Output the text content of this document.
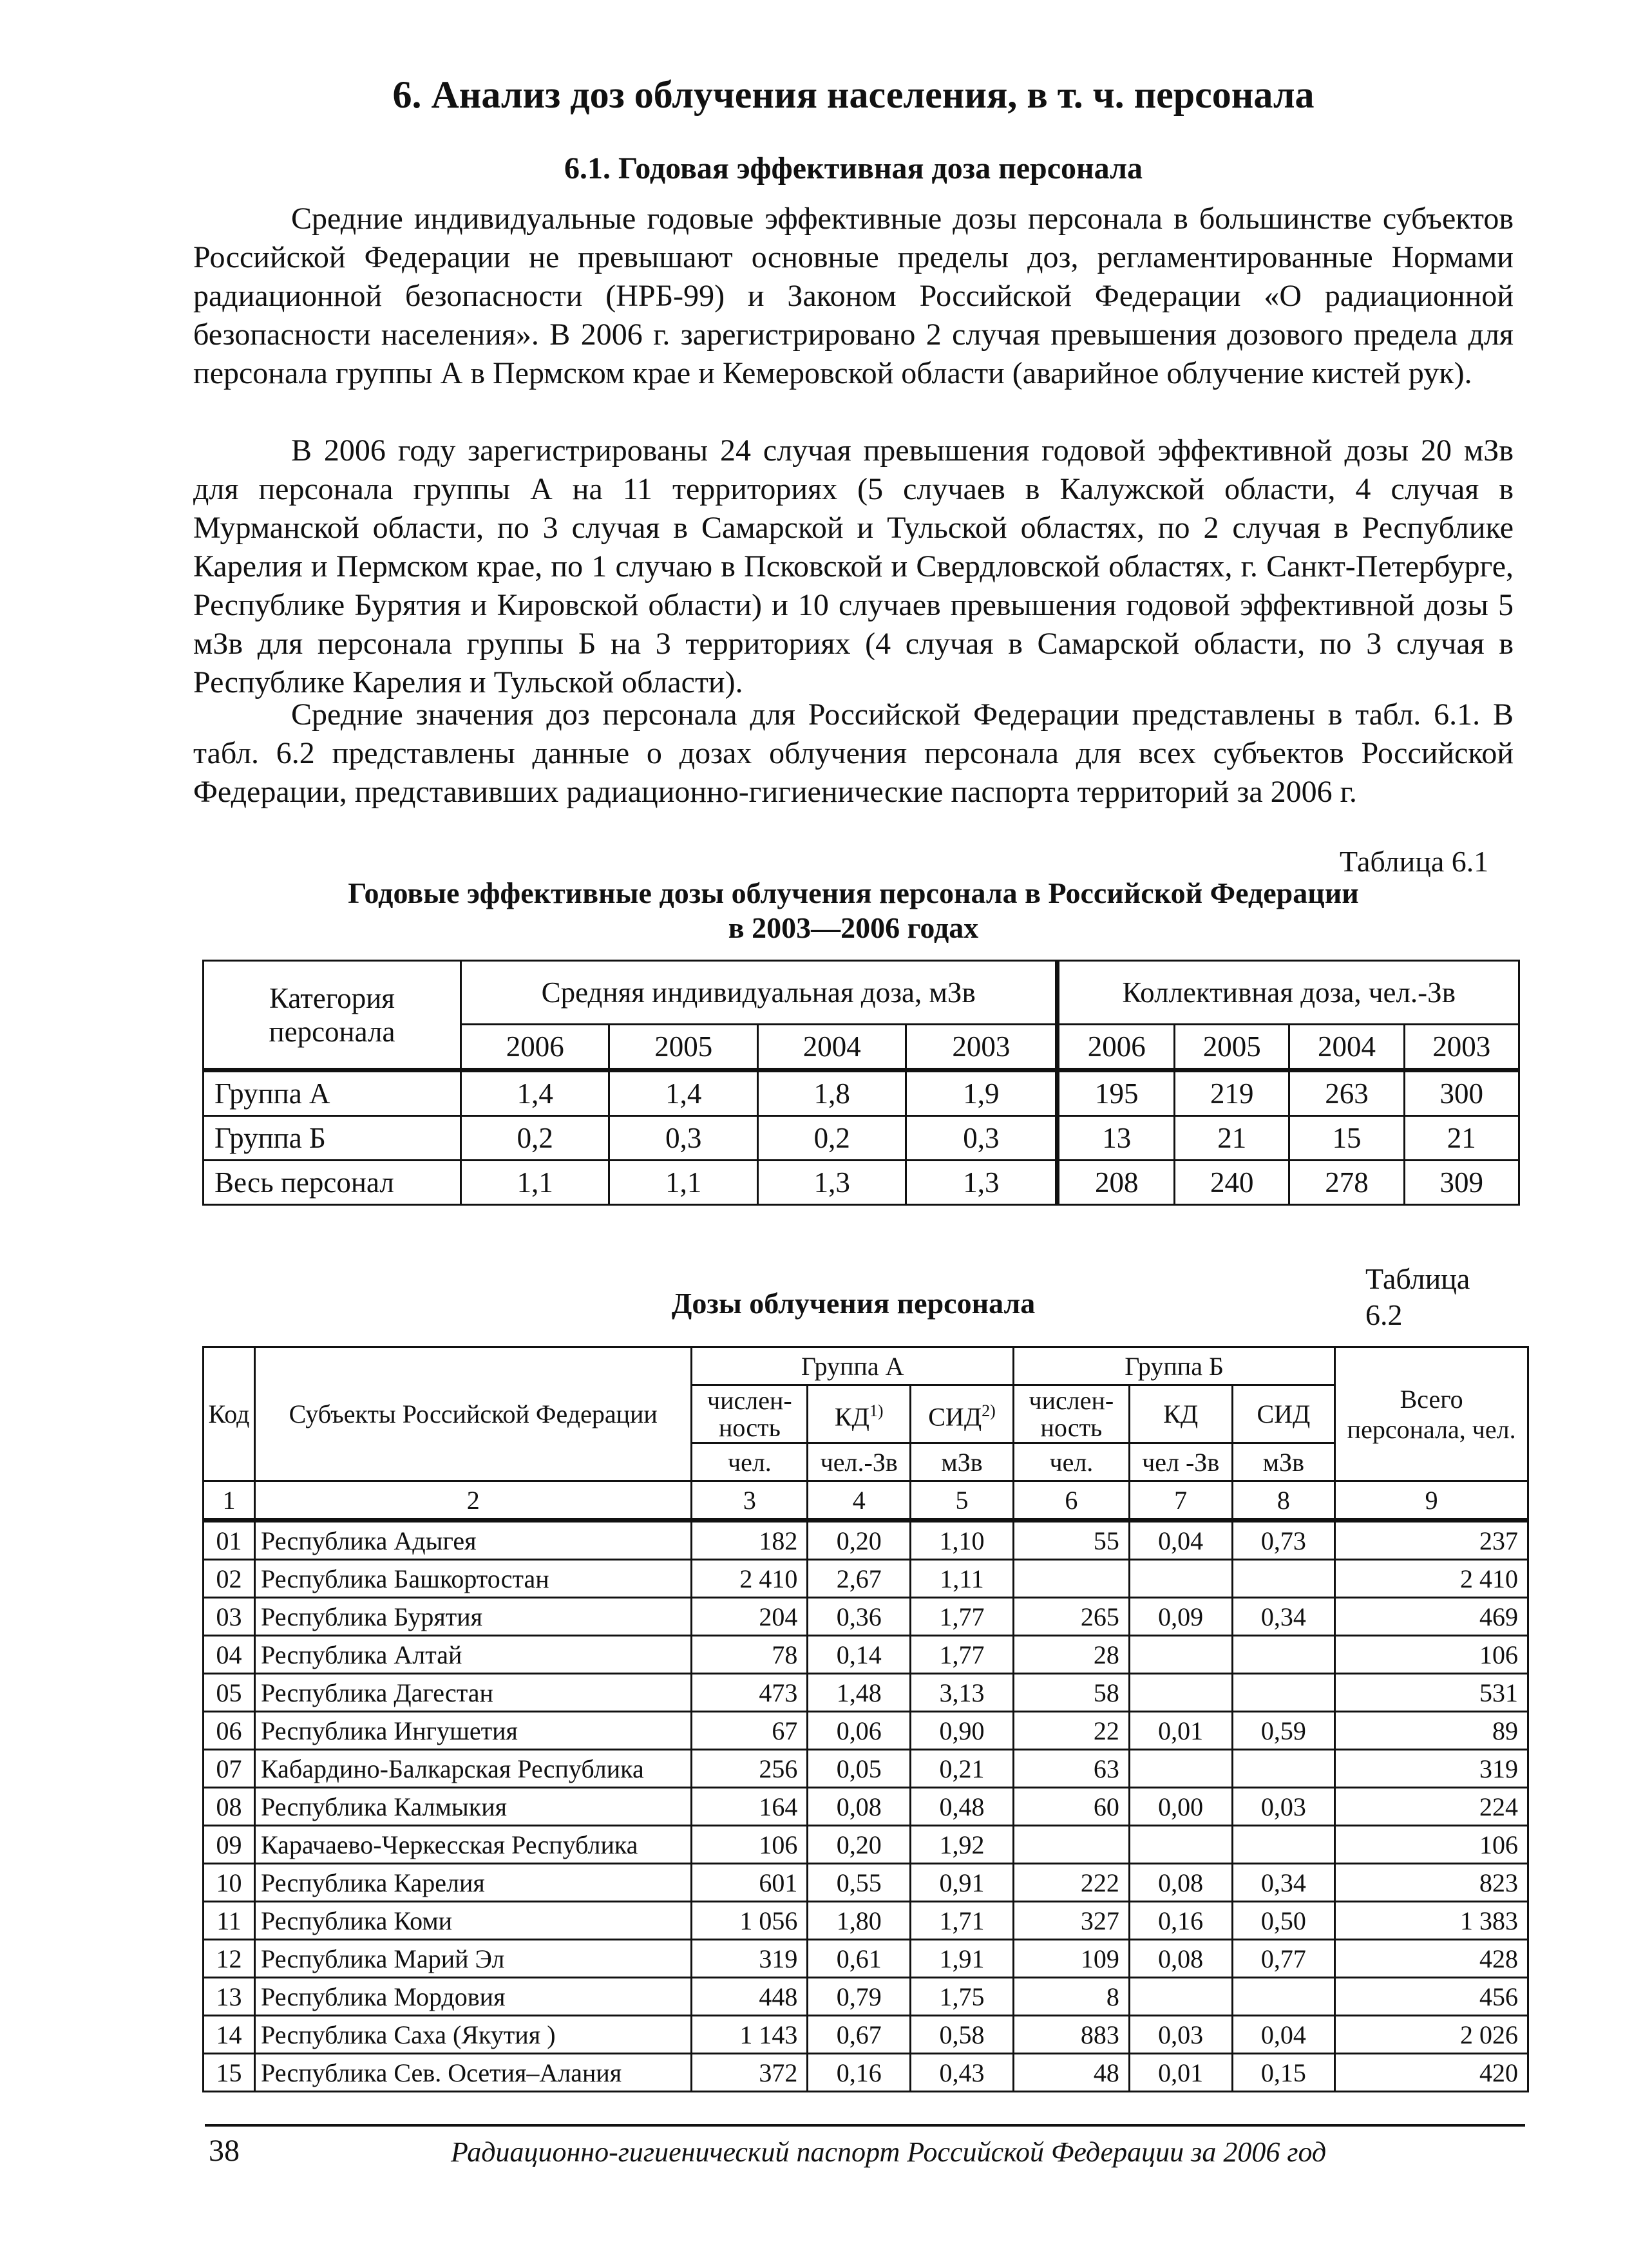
6. Анализ доз облучения населения, в т. ч. персонала
6.1. Годовая эффективная доза персонала

Средние индивидуальные годовые эффективные дозы персонала в большинстве субъектов Российской Федерации не превышают основные пределы доз, регламентированные Нормами радиационной безопасности (НРБ-99) и Законом Российской Федерации «О радиационной безопасности населения». В 2006 г. зарегистрировано 2 случая превышения дозового предела для персонала группы А в Пермском крае и Кемеровской области (аварийное облучение кистей рук).

В 2006 году зарегистрированы 24 случая превышения годовой эффективной дозы 20 мЗв для персонала группы А на 11 территориях (5 случаев в Калужской области, 4 случая в Мурманской области, по 3 случая в Самарской и Тульской областях, по 2 случая в Республике Карелия и Пермском крае, по 1 случаю в Псковской и Свердловской областях, г. Санкт-Петербурге, Республике Бурятия и Кировской области) и 10 случаев превышения годовой эффективной дозы 5 мЗв для персонала группы Б на 3 территориях (4 случая в Самарской области, по 3 случая в Республике Карелия и Тульской области).

Средние значения доз персонала для Российской Федерации представлены в табл. 6.1. В табл. 6.2 представлены данные о дозах облучения персонала для всех субъектов Российской Федерации, представивших радиационно-гигиенические паспорта территорий за 2006 г.

Таблица 6.1
Годовые эффективные дозы облучения персонала в Российской Федерации
в 2003—2006 годах
Категория персонала	Средняя индивидуальная доза, мЗв				Коллективная доза, чел.-Зв			
	2006	2005	2004	2003	2006	2005	2004	2003
Группа А	1,4	1,4	1,8	1,9	195	219	263	300
Группа Б	0,2	0,3	0,2	0,3	13	21	15	21
Весь персонал	1,1	1,1	1,3	1,3	208	240	278	309
Таблица 6.2
Дозы облучения персонала
Код	Субъекты Российской Федерации	Группа А			Группа Б			Всего персонала, чел.
		числен-ность	КД$^{1)}$	СИД$^{2)}$	числен-ность	КД	СИД	
		чел.	чел.-Зв	мЗв	чел.	чел -Зв	мЗв	
1	2	3	4	5	6	7	8	9
01	Республика Адыгея	182	0,20	1,10	55	0,04	0,73	237
02	Республика Башкортостан	2 410	2,67	1,11				2 410
03	Республика Бурятия	204	0,36	1,77	265	0,09	0,34	469
04	Республика Алтай	78	0,14	1,77	28			106
05	Республика Дагестан	473	1,48	3,13	58			531
06	Республика Ингушетия	67	0,06	0,90	22	0,01	0,59	89
07	Кабардино-Балкарская Республика	256	0,05	0,21	63			319
08	Республика Калмыкия	164	0,08	0,48	60	0,00	0,03	224
09	Карачаево-Черкесская Республика	106	0,20	1,92				106
10	Республика Карелия	601	0,55	0,91	222	0,08	0,34	823
11	Республика Коми	1 056	1,80	1,71	327	0,16	0,50	1 383
12	Республика Марий Эл	319	0,61	1,91	109	0,08	0,77	428
13	Республика Мордовия	448	0,79	1,75	8			456
14	Республика Саха (Якутия )	1 143	0,67	0,58	883	0,03	0,04	2 026
15	Республика Сев. Осетия–Алания	372	0,16	0,43	48	0,01	0,15	420
38	Радиационно-гигиенический паспорт Российской Федерации за 2006 год
